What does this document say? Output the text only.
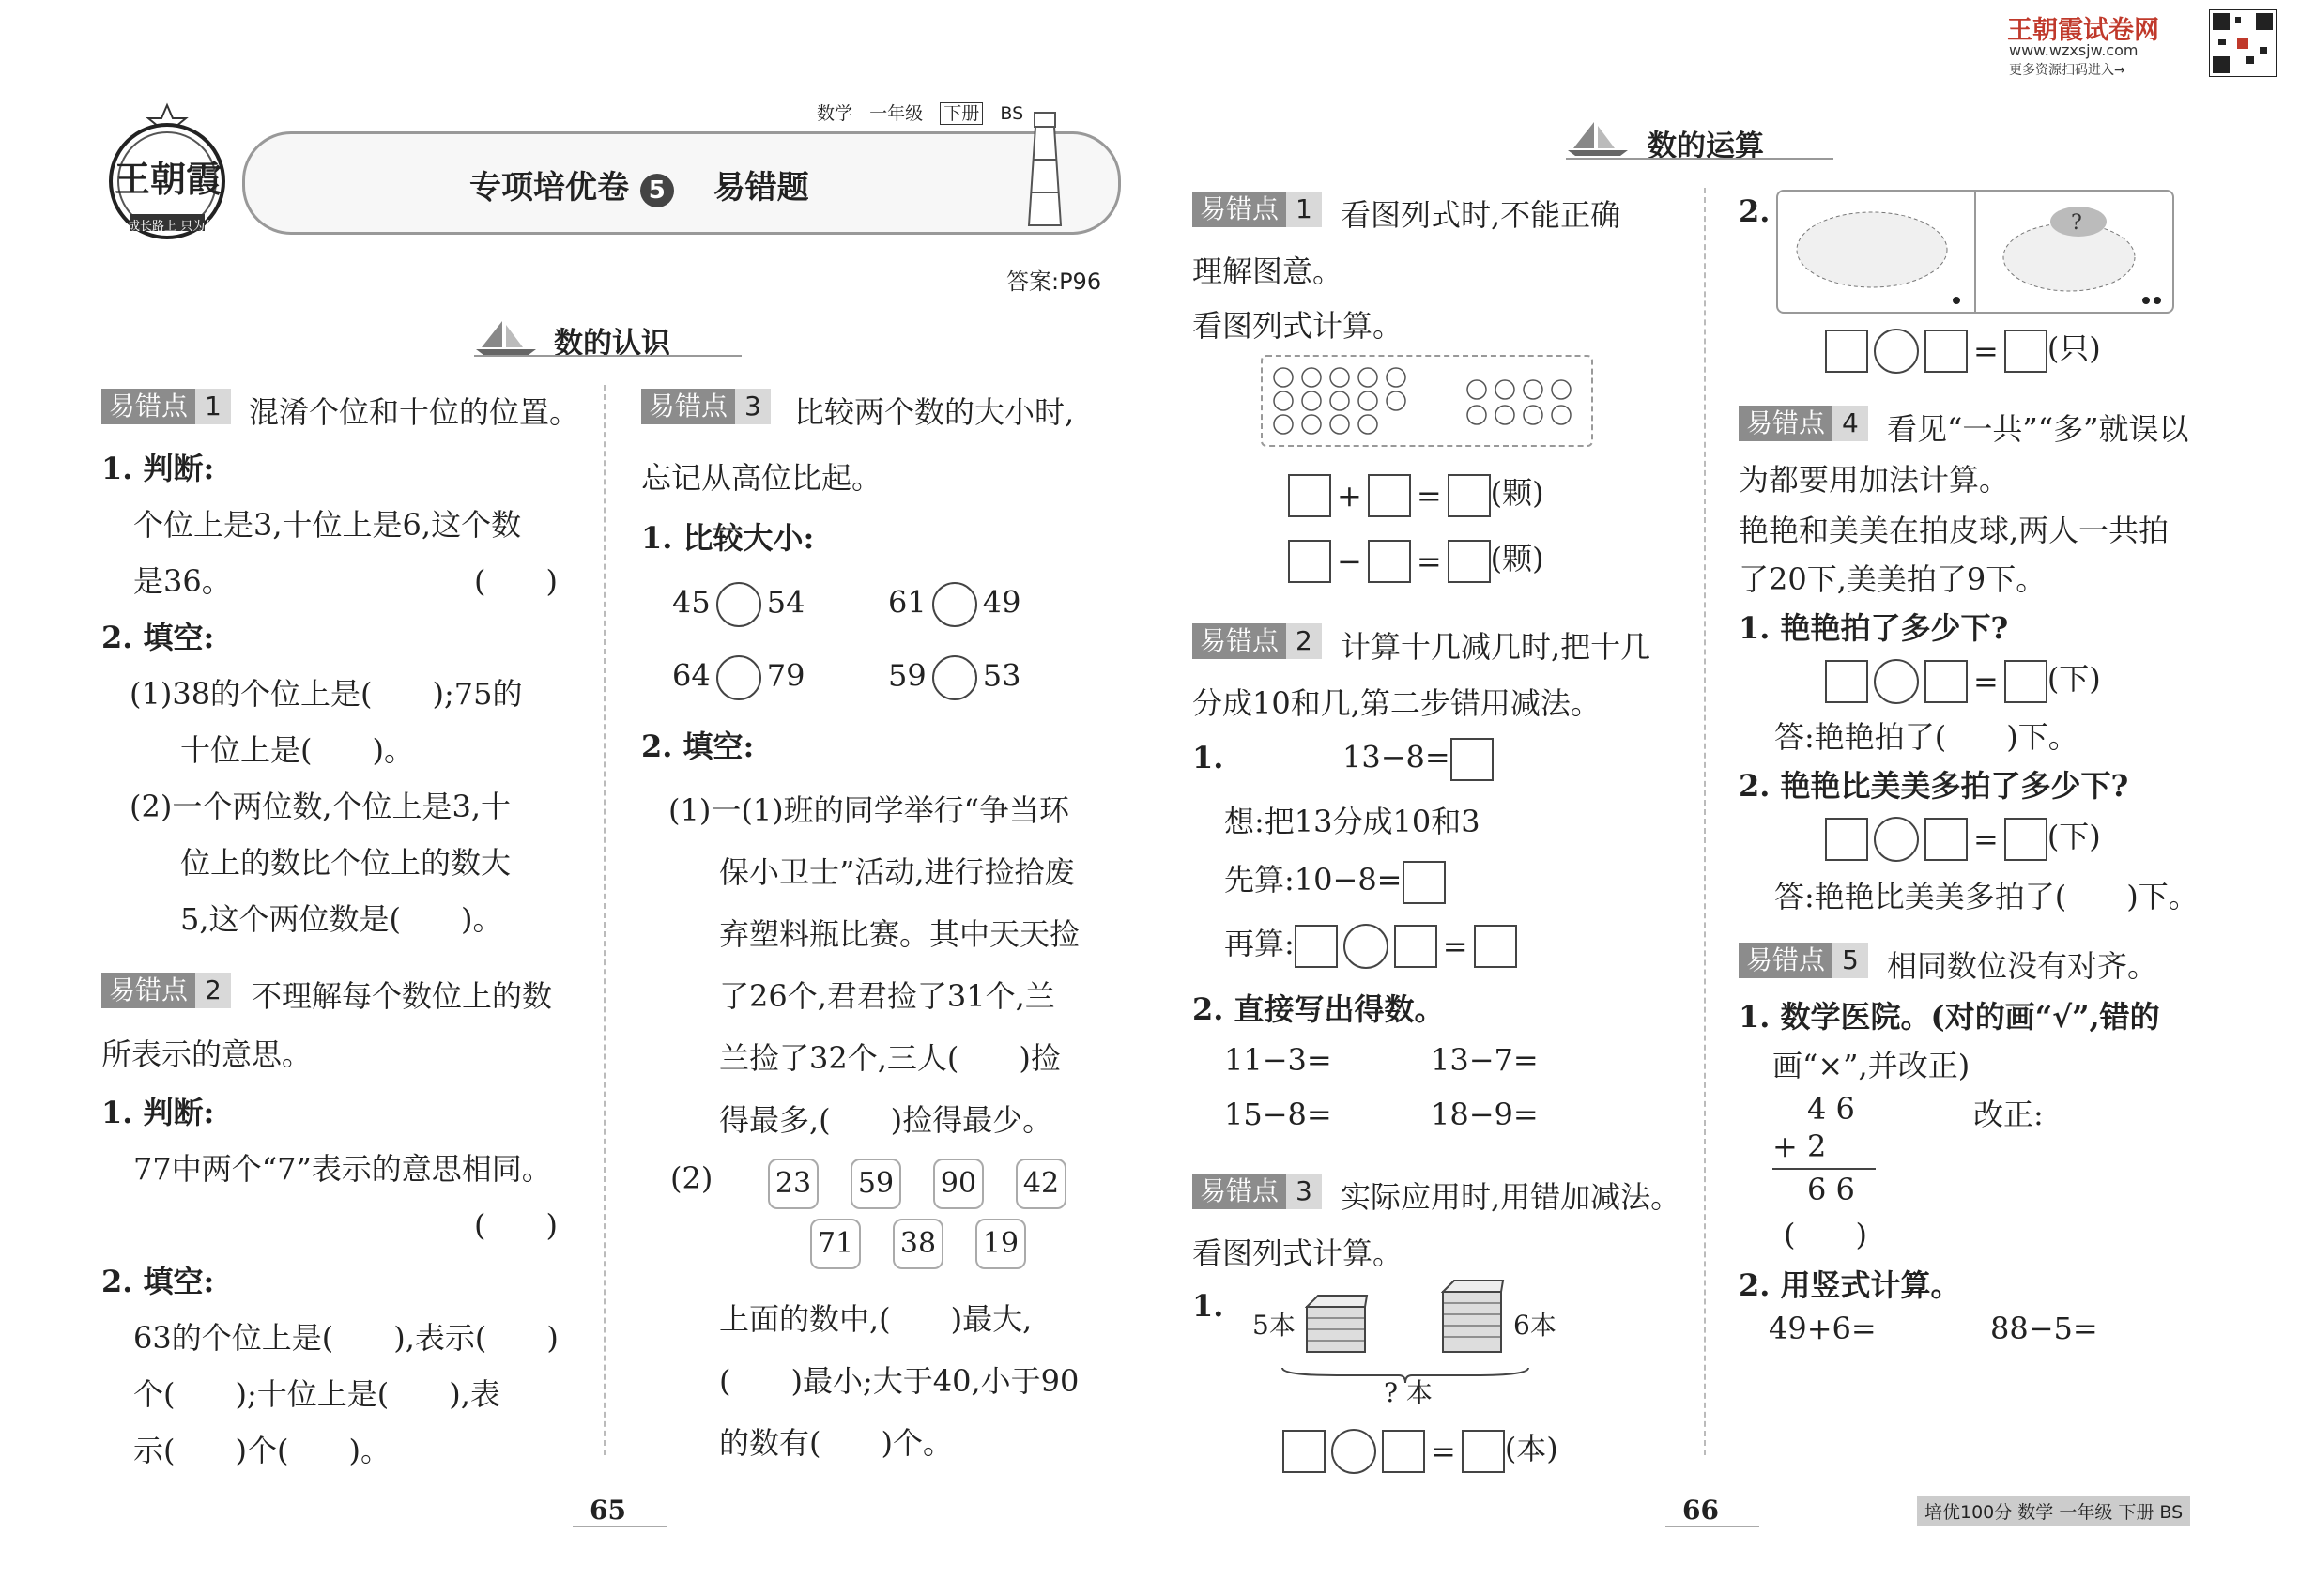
王朝霞
成长路上 只为你
专项培优卷 5 易错题
数学 一年级 下册 BS
答案:P96
王朝霞试卷网
www.wzxsjw.com
更多资源扫码进入→
数的认识
易错点 1 混淆个位和十位的位置。
1. 判断:
个位上是3,十位上是6,这个数
是36。	(　　)
2. 填空:
(1)38的个位上是(　　);75的
十位上是(　　)。
(2)一个两位数,个位上是3,十
位上的数比个位上的数大
5,这个两位数是(　　)。
易错点 2	不理解每个数位上的数
所表示的意思。
1. 判断:
77中两个“7”表示的意思相同。
(　　)
2. 填空:
63的个位上是(　　),表示(　　)
个(　　);十位上是(　　),表
示(　　)个(　　)。
易错点 3	比较两个数的大小时,
忘记从高位比起。
1. 比较大小:
45 54	61 49
64 79	59 53
2. 填空:
(1)一(1)班的同学举行“争当环
保小卫士”活动,进行捡拾废
弃塑料瓶比赛。其中天天捡
了26个,君君捡了31个,兰
兰捡了32个,三人(　　)捡
得最多,(　　)捡得最少。
(2) 23 59 90 42
71 38 19
上面的数中,(　　)最大,
(　　)最小;大于40,小于90
的数有(　　)个。
65
数的运算
易错点 1 看图列式时,不能正确
理解图意。
看图列式计算。
+ = (颗)
− = (颗)
易错点 2 计算十几减几时,把十几
分成10和几,第二步错用减法。
1.	13−8=
想:把13分成10和3
先算:10−8=
再算:	=
2. 直接写出得数。
11−3=	13−7=
15−8=	18−9=
易错点 3 实际应用时,用错加减法。
看图列式计算。
1.
5本	6本
? 本
= (本)
2.	?
= (只)
易错点 4 看见“一共”“多”就误以
为都要用加法计算。
艳艳和美美在拍皮球,两人一共拍
了20下,美美拍了9下。
1. 艳艳拍了多少下?
= (下)
答:艳艳拍了(　　)下。
2. 艳艳比美美多拍了多少下?
= (下)
答:艳艳比美美多拍了(　　)下。
易错点 5 相同数位没有对齐。
1. 数学医院。(对的画“√”,错的
画“×”,并改正)
4 6	改正:
+ 2
6 6
(　　)
2. 用竖式计算。
49+6=	88−5=
66	培优100分 数学 一年级 下册 BS
